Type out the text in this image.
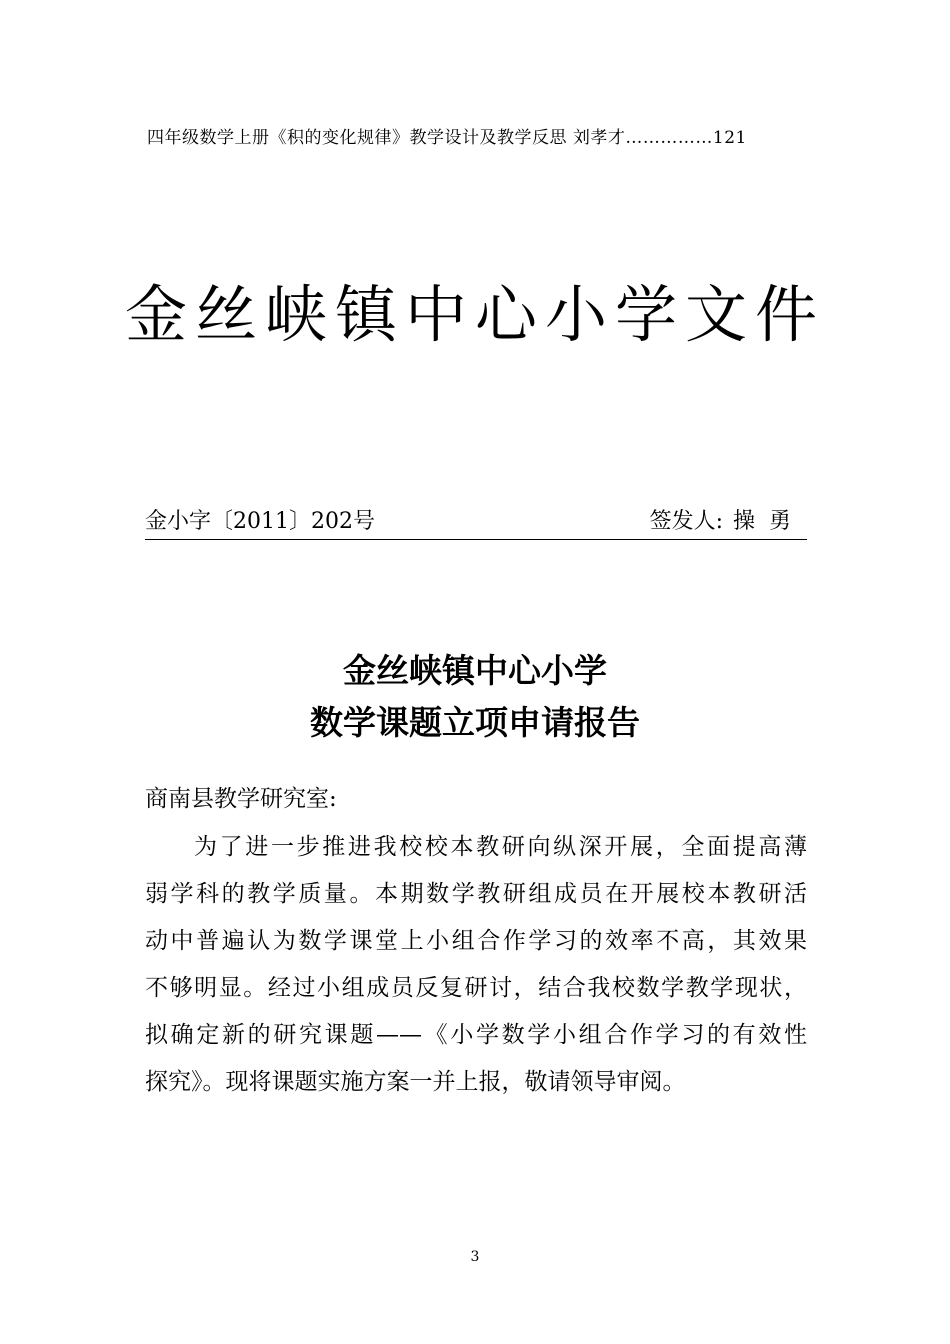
四年级数学上册《积的变化规律》教学设计及教学反思 刘孝才……………121
金丝峡镇中心小学文件
金小字〔2011〕202号	签发人: 操勇
金丝峡镇中心小学
数学课题立项申请报告
商南县教学研究室:
为了进一步推进我校校本教研向纵深开展，全面提高薄
弱学科的教学质量。本期数学教研组成员在开展校本教研活
动中普遍认为数学课堂上小组合作学习的效率不高，其效果
不够明显。经过小组成员反复研讨，结合我校数学教学现状，
拟确定新的研究课题——《小学数学小组合作学习的有效性
探究》。现将课题实施方案一并上报，敬请领导审阅。
3
